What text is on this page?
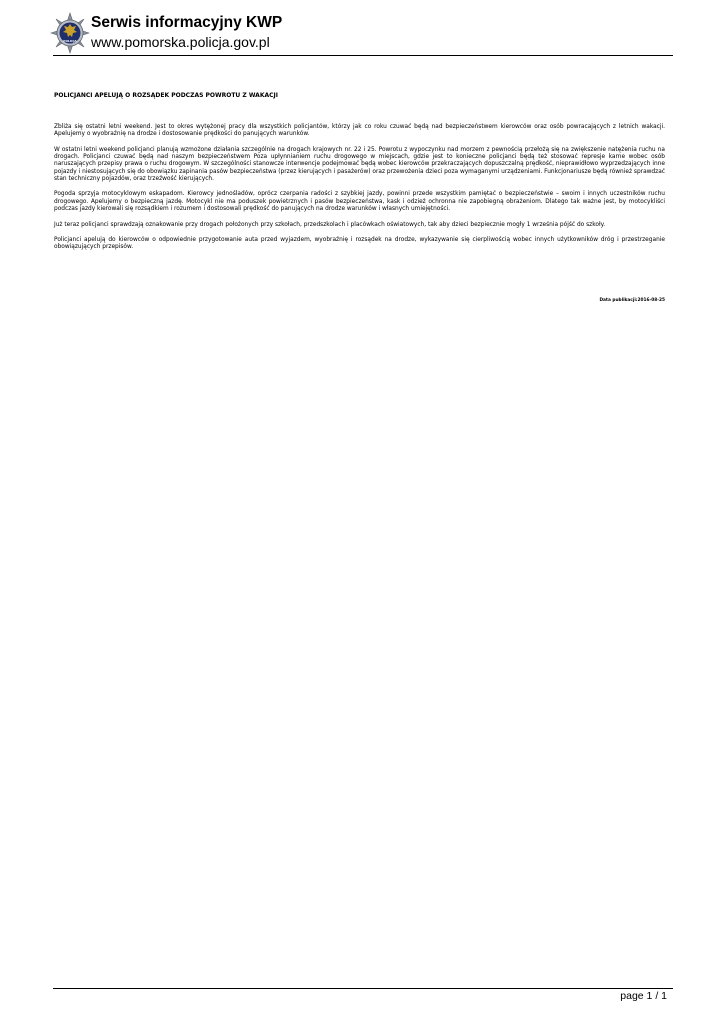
POLICJA
Serwis informacyjny KWP
www.pomorska.policja.gov.pl
POLICJANCI APELUJĄ O ROZSĄDEK PODCZAS POWROTU Z WAKACJI

Zbliża się ostatni letni weekend. Jest to okres wytężonej pracy dla wszystkich policjantów, którzy jak co roku czuwać będą nad bezpieczeństwem kierowców oraz osób powracających z letnich wakacji. Apelujemy o wyobraźnię na drodze i dostosowanie prędkości do panujących warunków.

W ostatni letni weekend policjanci planują wzmożone działania szczególnie na drogach krajowych nr. 22 i 25. Powrotu z wypoczynku nad morzem z pewnością przełożą się na zwiększenie natężenia ruchu na drogach. Policjanci czuwać będą nad naszym bezpieczeństwem Poza upłynnianiem ruchu drogowego w miejscach, gdzie jest to konieczne policjanci będą też stosować represje karne wobec osób naruszających przepisy prawa o ruchu drogowym. W szczególności stanowcze interwencje podejmować będą wobec kierowców przekraczających dopuszczalną prędkość, nieprawidłowo wyprzedzających inne pojazdy i niestosujących się do obowiązku zapinania pasów bezpieczeństwa (przez kierujących i pasażerów) oraz przewożenia dzieci poza wymaganymi urządzeniami. Funkcjonariusze będą również sprawdzać stan techniczny pojazdów, oraz trzeźwość kierujących.

Pogoda sprzyja motocyklowym eskapadom. Kierowcy jednośladów, oprócz czerpania radości z szybkiej jazdy, powinni przede wszystkim pamiętać o bezpieczeństwie – swoim i innych uczestników ruchu drogowego. Apelujemy o bezpieczną jazdę. Motocykl nie ma poduszek powietrznych i pasów bezpieczeństwa, kask i odzież ochronna nie zapobiegną obrażeniom. Dlatego tak ważne jest, by motocykliści podczas jazdy kierowali się rozsądkiem i rozumem i dostosowali prędkość do panujących na drodze warunków i własnych umiejętności.

Już teraz policjanci sprawdzają oznakowanie przy drogach położonych przy szkołach, przedszkolach i placówkach oświatowych, tak aby dzieci bezpiecznie mogły 1 września pójść do szkoły.

Policjanci apelują do kierowców o odpowiednie przygotowanie auta przed wyjazdem, wyobraźnię i rozsądek na drodze, wykazywanie się cierpliwością wobec innych użytkowników dróg i przestrzeganie obowiązujących przepisów.

Data publikacji:2016-08-25
page 1 / 1
